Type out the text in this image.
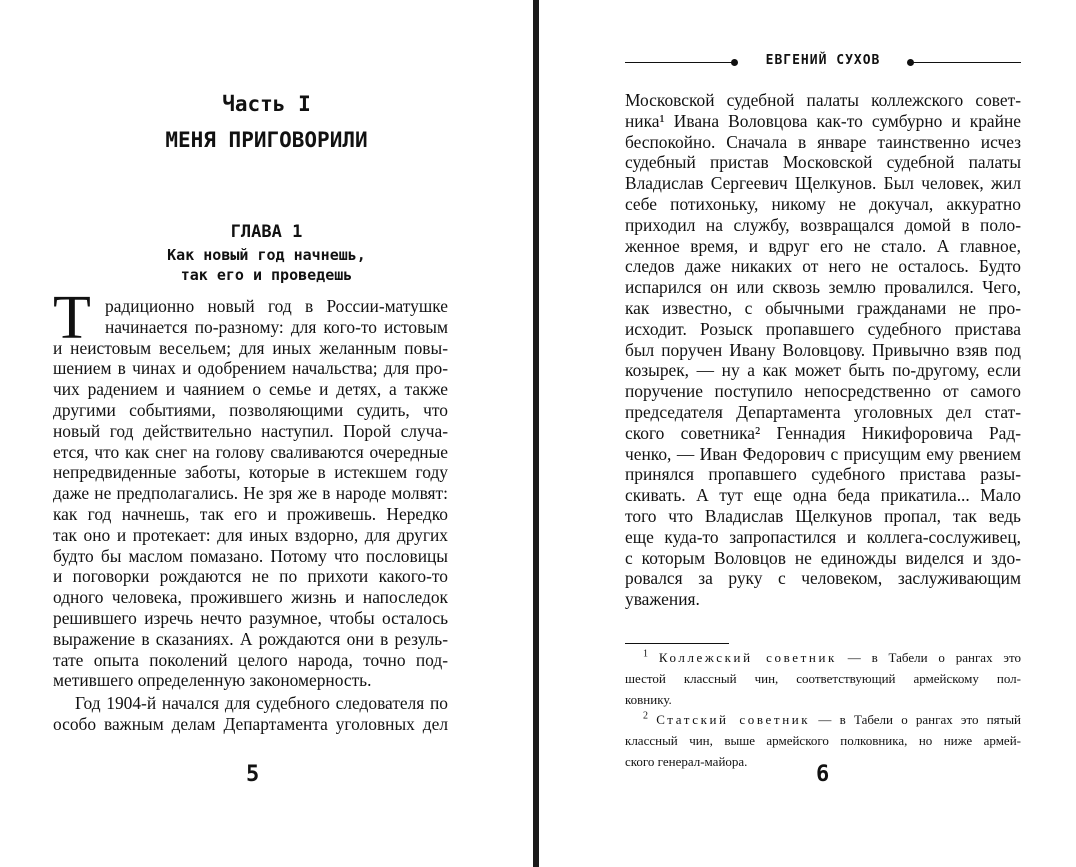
Часть I
МЕНЯ ПРИГОВОРИЛИ
ГЛАВА 1
Как новый год начнешь,
так его и проведешь
Т радиционно новый год в России-матушке
начинается по-разному: для кого-то истовым
и неистовым весельем; для иных желанным повы-
шением в чинах и одобрением начальства; для про-
чих радением и чаянием о семье и детях, а также
другими событиями, позволяющими судить, что
новый год действительно наступил. Порой случа-
ется, что как снег на голову сваливаются очередные
непредвиденные заботы, которые в истекшем году
даже не предполагались. Не зря же в народе молвят:
как год начнешь, так его и проживешь. Нередко
так оно и протекает: для иных вздорно, для других
будто бы маслом помазано. Потому что пословицы
и поговорки рождаются не по прихоти какого-то
одного человека, прожившего жизнь и напоследок
решившего изречь нечто разумное, чтобы осталось
выражение в сказаниях. А рождаются они в резуль-
тате опыта поколений целого народа, точно под-
метившего определенную закономерность.
Год 1904-й начался для судебного следователя по
особо важным делам Департамента уголовных дел
5
ЕВГЕНИЙ СУХОВ
Московской судебной палаты коллежского совет-
ника¹ Ивана Воловцова как-то сумбурно и крайне
беспокойно. Сначала в январе таинственно исчез
судебный пристав Московской судебной палаты
Владислав Сергеевич Щелкунов. Был человек, жил
себе потихоньку, никому не докучал, аккуратно
приходил на службу, возвращался домой в поло-
женное время, и вдруг его не стало. А главное,
следов даже никаких от него не осталось. Будто
испарился он или сквозь землю провалился. Чего,
как известно, с обычными гражданами не про-
исходит. Розыск пропавшего судебного пристава
был поручен Ивану Воловцову. Привычно взяв под
козырек, — ну а как может быть по-другому, если
поручение поступило непосредственно от самого
председателя Департамента уголовных дел стат-
ского советника² Геннадия Никифоровича Рад-
ченко, — Иван Федорович с присущим ему рвением
принялся пропавшего судебного пристава разы-
скивать. А тут еще одна беда прикатила... Мало
того что Владислав Щелкунов пропал, так ведь
еще куда-то запропастился и коллега-сослуживец,
с которым Воловцов не единожды виделся и здо-
ровался за руку с человеком, заслуживающим
уважения.
$^1$ Коллежский советник — в Табели о рангах это
шестой классный чин, соответствующий армейскому пол-
ковнику.
$^2$ Статский советник — в Табели о рангах это пятый
классный чин, выше армейского полковника, но ниже армей-
ского генерал-майора.
6
